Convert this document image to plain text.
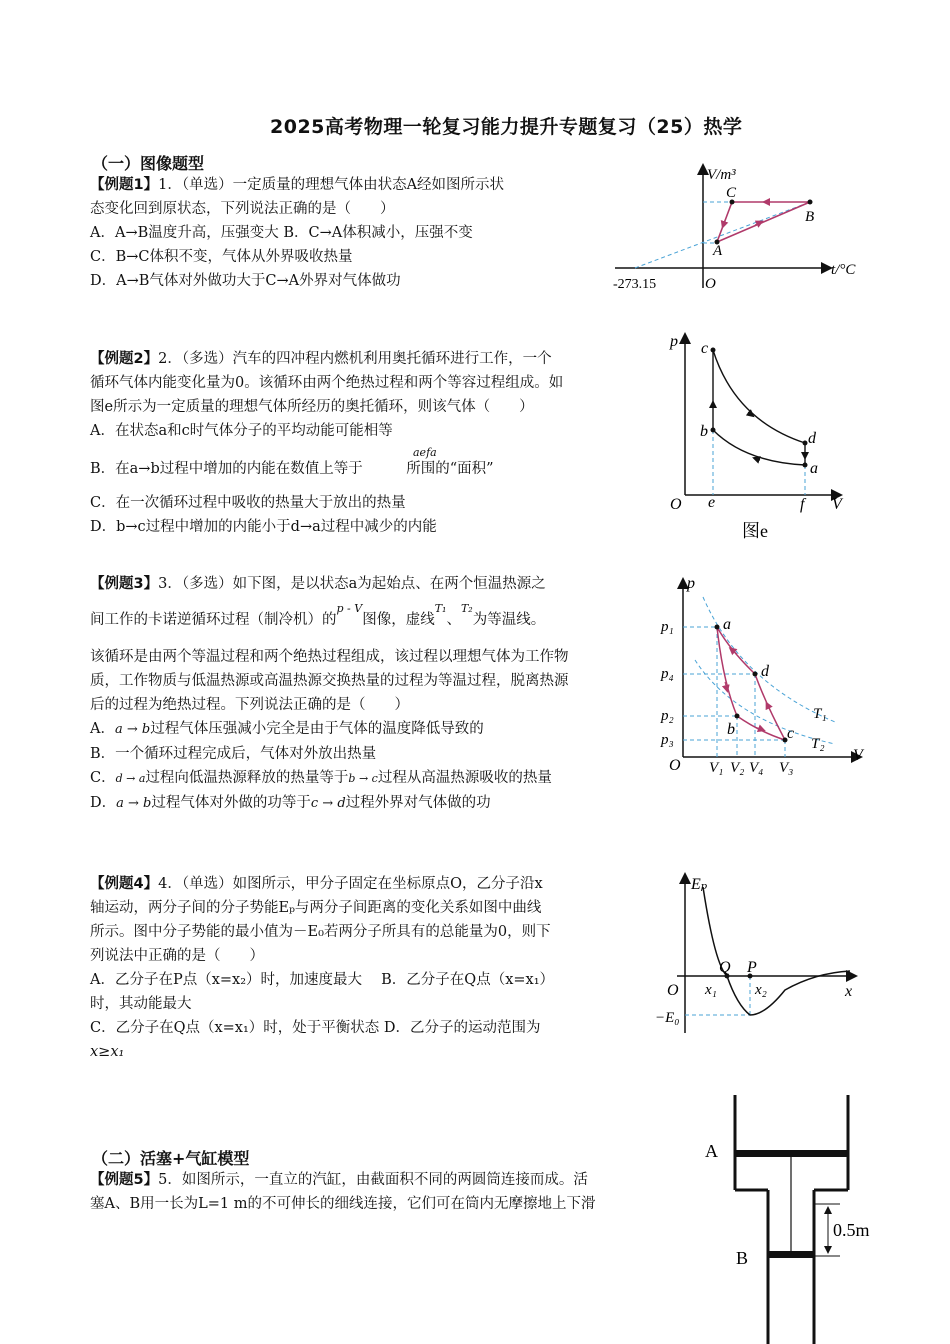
2025高考物理一轮复习能力提升专题复习（25）热学
（一）图像题型
【例题1】1．（单选）一定质量的理想气体由状态A经如图所示状
态变化回到原状态，下列说法正确的是（　　）
A．A→B温度升高，压强变大 B．C→A体积减小，压强不变
C．B→C体积不变，气体从外界吸收热量
D．A→B气体对外做功大于C→A外界对气体做功
V/m³
t/°C
O
-273.15
A
B
C
【例题2】2．（多选）汽车的四冲程内燃机利用奥托循环进行工作，一个
循环气体内能变化量为0。该循环由两个绝热过程和两个等容过程组成。如
图e所示为一定质量的理想气体所经历的奥托循环，则该气体（　　）
A．在状态a和c时气体分子的平均动能可能相等
B．在a→b过程中增加的内能在数值上等于　　　所围的“面积”
C．在一次循环过程中吸收的热量大于放出的热量
D．b→c过程中增加的内能小于d→a过程中减少的内能
aefa
p
V
O
a
b
c
d
e	f
图e
【例题3】3．（多选）如下图，是以状态a为起始点、在两个恒温热源之
间工作的卡诺逆循环过程（制冷机）的$^{p - V}$图像，虚线$^{T_1}$、$^{T_2}$为等温线。
该循环是由两个等温过程和两个绝热过程组成，该过程以理想气体为工作物
质，工作物质与低温热源或高温热源交换热量的过程为等温过程，脱离热源
后的过程为绝热过程。下列说法正确的是（　　）
A．a → b过程气体压强减小完全是由于气体的温度降低导致的
B．一个循环过程完成后，气体对外放出热量
C．d → a过程向低温热源释放的热量等于b → c过程从高温热源吸收的热量
D．a → b过程气体对外做的功等于c → d过程外界对气体做的功
p
V
O
a
b	c
d
p₁
p₂
p₃
p₄
V₁ V₂ V₃
V₄
T₁
T₂
【例题4】4．（单选）如图所示，甲分子固定在坐标原点O，乙分子沿x
轴运动，两分子间的分子势能Eₚ与两分子间距离的变化关系如图中曲线
所示。图中分子势能的最小值为－E₀若两分子所具有的总能量为0，则下
列说法中正确的是（　　）
A．乙分子在P点（x=x₂）时，加速度最大　 B．乙分子在Q点（x=x₁）
时，其动能最大
C．乙分子在Q点（x=x₁）时，处于平衡状态 D．乙分子的运动范围为
x≥x₁
Eₚ
x
O
Q P
x₁	x₂
−E₀
（二）活塞+气缸模型
【例题5】5．如图所示，一直立的汽缸，由截面积不同的两圆筒连接而成。活
塞A、B用一长为L=1 m的不可伸长的细线连接，它们可在筒内无摩擦地上下滑
A
B
0.5m
